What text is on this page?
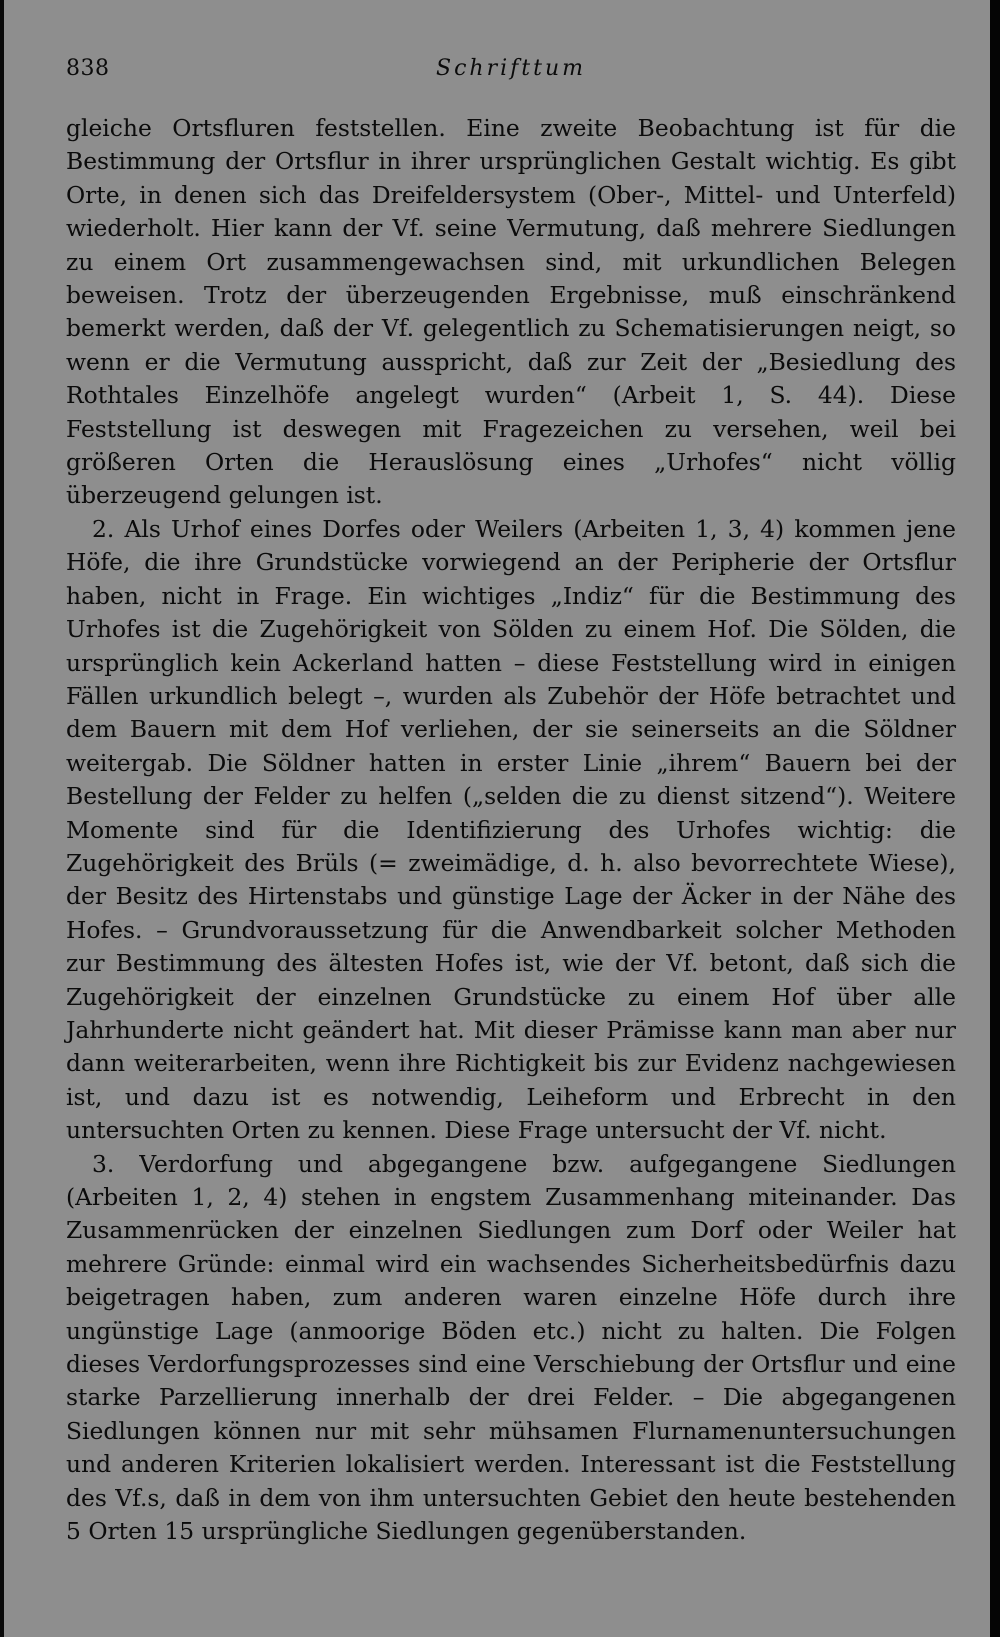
838	Schrifttum

gleiche Ortsfluren feststellen. Eine zweite Beobachtung ist für die Bestimmung der Ortsflur in ihrer ursprünglichen Gestalt wichtig. Es gibt Orte, in denen sich das Dreifeldersystem (Ober-, Mittel- und Unterfeld) wiederholt. Hier kann der Vf. seine Vermutung, daß mehrere Siedlungen zu einem Ort zusammengewachsen sind, mit urkundlichen Belegen beweisen. Trotz der überzeugenden Ergebnisse, muß einschränkend bemerkt werden, daß der Vf. gelegentlich zu Schematisierungen neigt, so wenn er die Vermutung ausspricht, daß zur Zeit der „Besiedlung des Rothtales Einzelhöfe angelegt wurden“ (Arbeit 1, S. 44). Diese Feststellung ist deswegen mit Fragezeichen zu versehen, weil bei größeren Orten die Herauslösung eines „Urhofes“ nicht völlig überzeugend gelungen ist.

2. Als Urhof eines Dorfes oder Weilers (Arbeiten 1, 3, 4) kommen jene Höfe, die ihre Grundstücke vorwiegend an der Peripherie der Ortsflur haben, nicht in Frage. Ein wichtiges „Indiz“ für die Bestimmung des Urhofes ist die Zugehörigkeit von Sölden zu einem Hof. Die Sölden, die ursprünglich kein Ackerland hatten – diese Feststellung wird in einigen Fällen urkundlich belegt –, wurden als Zubehör der Höfe betrachtet und dem Bauern mit dem Hof verliehen, der sie seinerseits an die Söldner weitergab. Die Söldner hatten in erster Linie „ihrem“ Bauern bei der Bestellung der Felder zu helfen („selden die zu dienst sitzend“). Weitere Momente sind für die Identifizierung des Urhofes wichtig: die Zugehörigkeit des Brüls (= zweimädige, d. h. also bevorrechtete Wiese), der Besitz des Hirtenstabs und günstige Lage der Äcker in der Nähe des Hofes. – Grundvoraussetzung für die Anwendbarkeit solcher Methoden zur Bestimmung des ältesten Hofes ist, wie der Vf. betont, daß sich die Zugehörigkeit der einzelnen Grundstücke zu einem Hof über alle Jahrhunderte nicht geändert hat. Mit dieser Prämisse kann man aber nur dann weiterarbeiten, wenn ihre Richtigkeit bis zur Evidenz nachgewiesen ist, und dazu ist es notwendig, Leiheform und Erbrecht in den untersuchten Orten zu kennen. Diese Frage untersucht der Vf. nicht.

3. Verdorfung und abgegangene bzw. aufgegangene Siedlungen (Arbeiten 1, 2, 4) stehen in engstem Zusammenhang miteinander. Das Zusammenrücken der einzelnen Siedlungen zum Dorf oder Weiler hat mehrere Gründe: einmal wird ein wachsendes Sicherheitsbedürfnis dazu beigetragen haben, zum anderen waren einzelne Höfe durch ihre ungünstige Lage (anmoorige Böden etc.) nicht zu halten. Die Folgen dieses Verdorfungsprozesses sind eine Verschiebung der Ortsflur und eine starke Parzellierung innerhalb der drei Felder. – Die abgegangenen Siedlungen können nur mit sehr mühsamen Flurnamenuntersuchungen und anderen Kriterien lokalisiert werden. Interessant ist die Feststellung des Vf.s, daß in dem von ihm untersuchten Gebiet den heute bestehenden 5 Orten 15 ursprüngliche Siedlungen gegenüberstanden.
